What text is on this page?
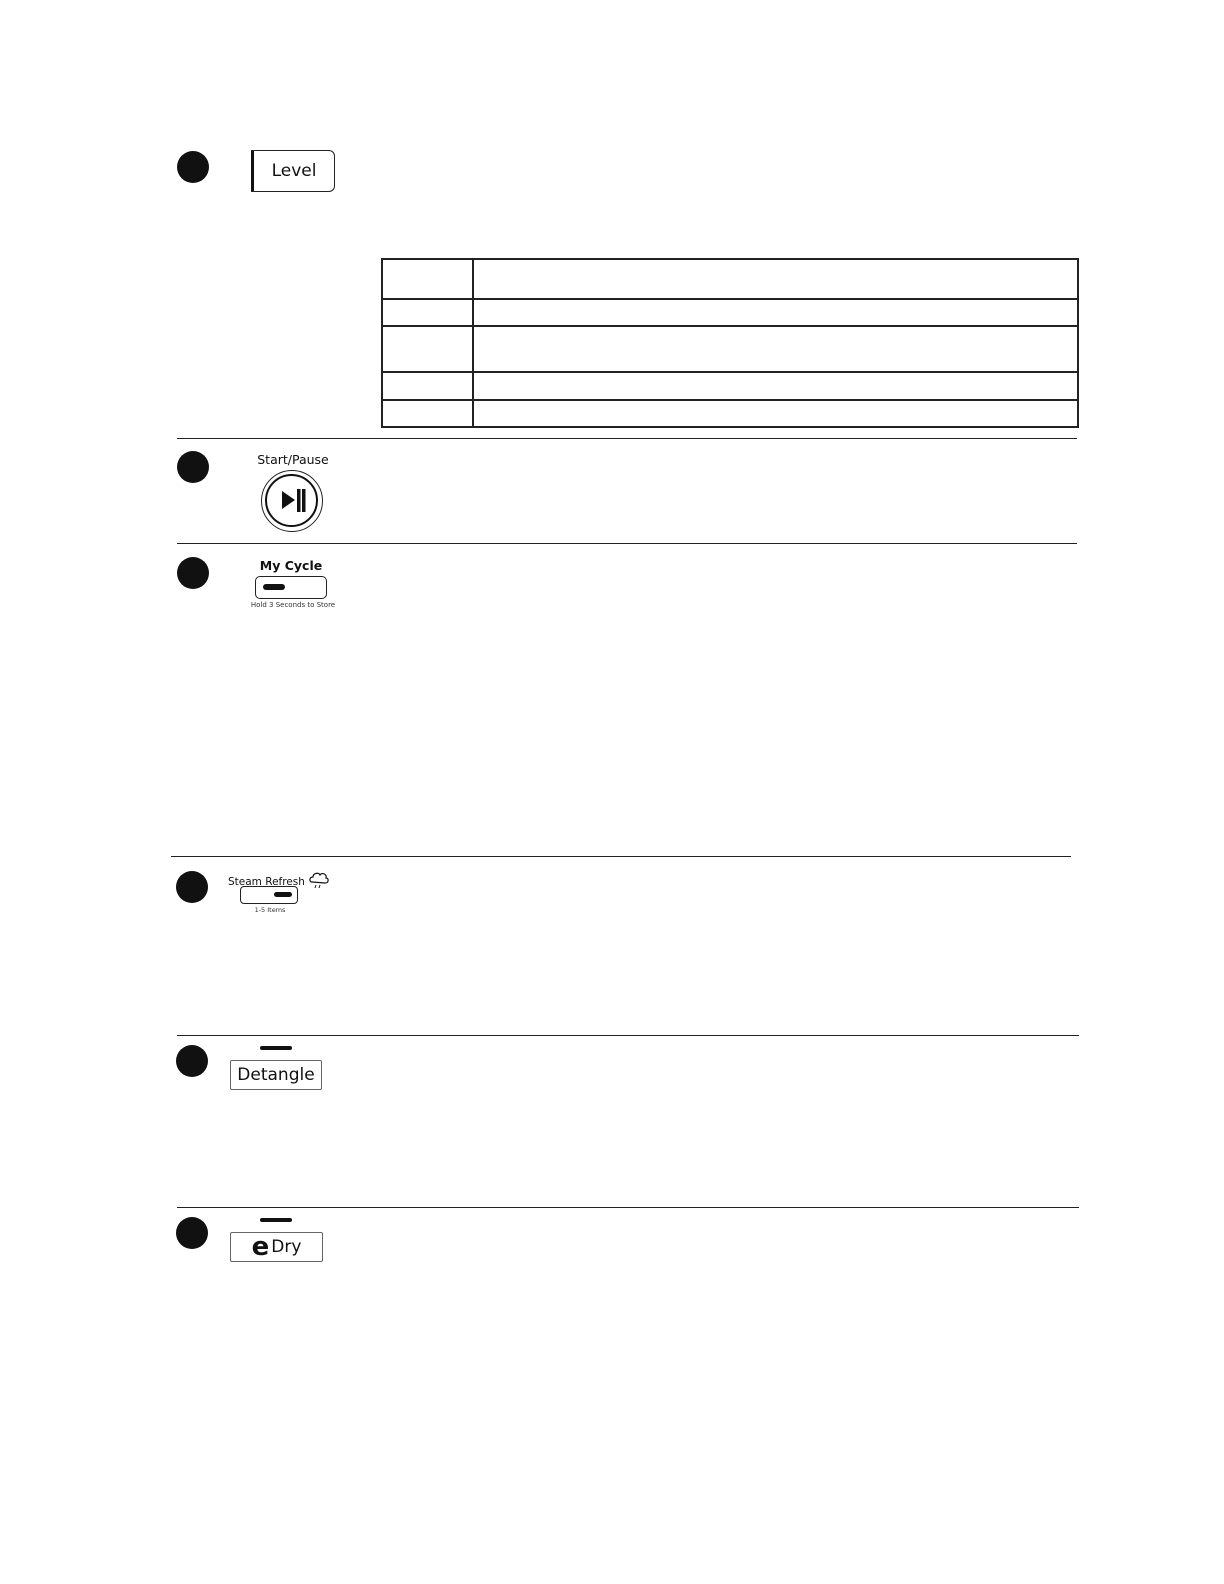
Level

Start/Pause
My Cycle
Hold 3 Seconds to Store
Steam Refresh
1-5 Items
Detangle
e Dry
